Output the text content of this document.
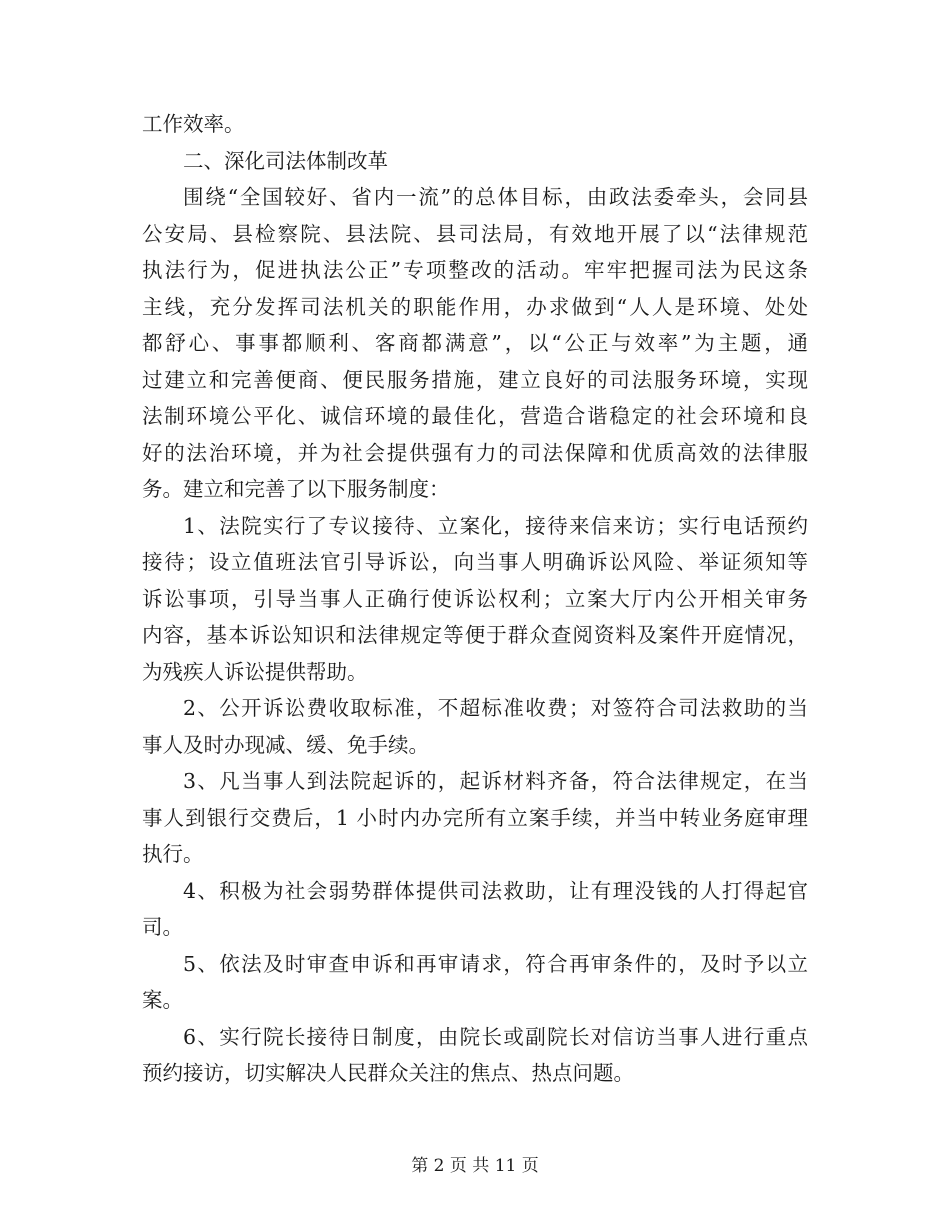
工作效率。
二、深化司法体制改革
围绕“全国较好、省内一流”的总体目标，由政法委牵头，会同县
公安局、县检察院、县法院、县司法局，有效地开展了以“法律规范
执法行为，促进执法公正”专项整改的活动。牢牢把握司法为民这条
主线，充分发挥司法机关的职能作用，办求做到“人人是环境、处处
都舒心、事事都顺利、客商都满意”，以“公正与效率”为主题，通
过建立和完善便商、便民服务措施，建立良好的司法服务环境，实现
法制环境公平化、诚信环境的最佳化，营造合谐稳定的社会环境和良
好的法治环境，并为社会提供强有力的司法保障和优质高效的法律服
务。建立和完善了以下服务制度：
1、法院实行了专议接待、立案化，接待来信来访；实行电话预约
接待；设立值班法官引导诉讼，向当事人明确诉讼风险、举证须知等
诉讼事项，引导当事人正确行使诉讼权利；立案大厅内公开相关审务
内容，基本诉讼知识和法律规定等便于群众查阅资料及案件开庭情况，
为残疾人诉讼提供帮助。
2、公开诉讼费收取标准，不超标准收费；对签符合司法救助的当
事人及时办现减、缓、免手续。
3、凡当事人到法院起诉的，起诉材料齐备，符合法律规定，在当
事人到银行交费后，1 小时内办完所有立案手续，并当中转业务庭审理
执行。
4、积极为社会弱势群体提供司法救助，让有理没钱的人打得起官
司。
5、依法及时审查申诉和再审请求，符合再审条件的，及时予以立
案。
6、实行院长接待日制度，由院长或副院长对信访当事人进行重点
预约接访，切实解决人民群众关注的焦点、热点问题。
第 2 页 共 11 页
